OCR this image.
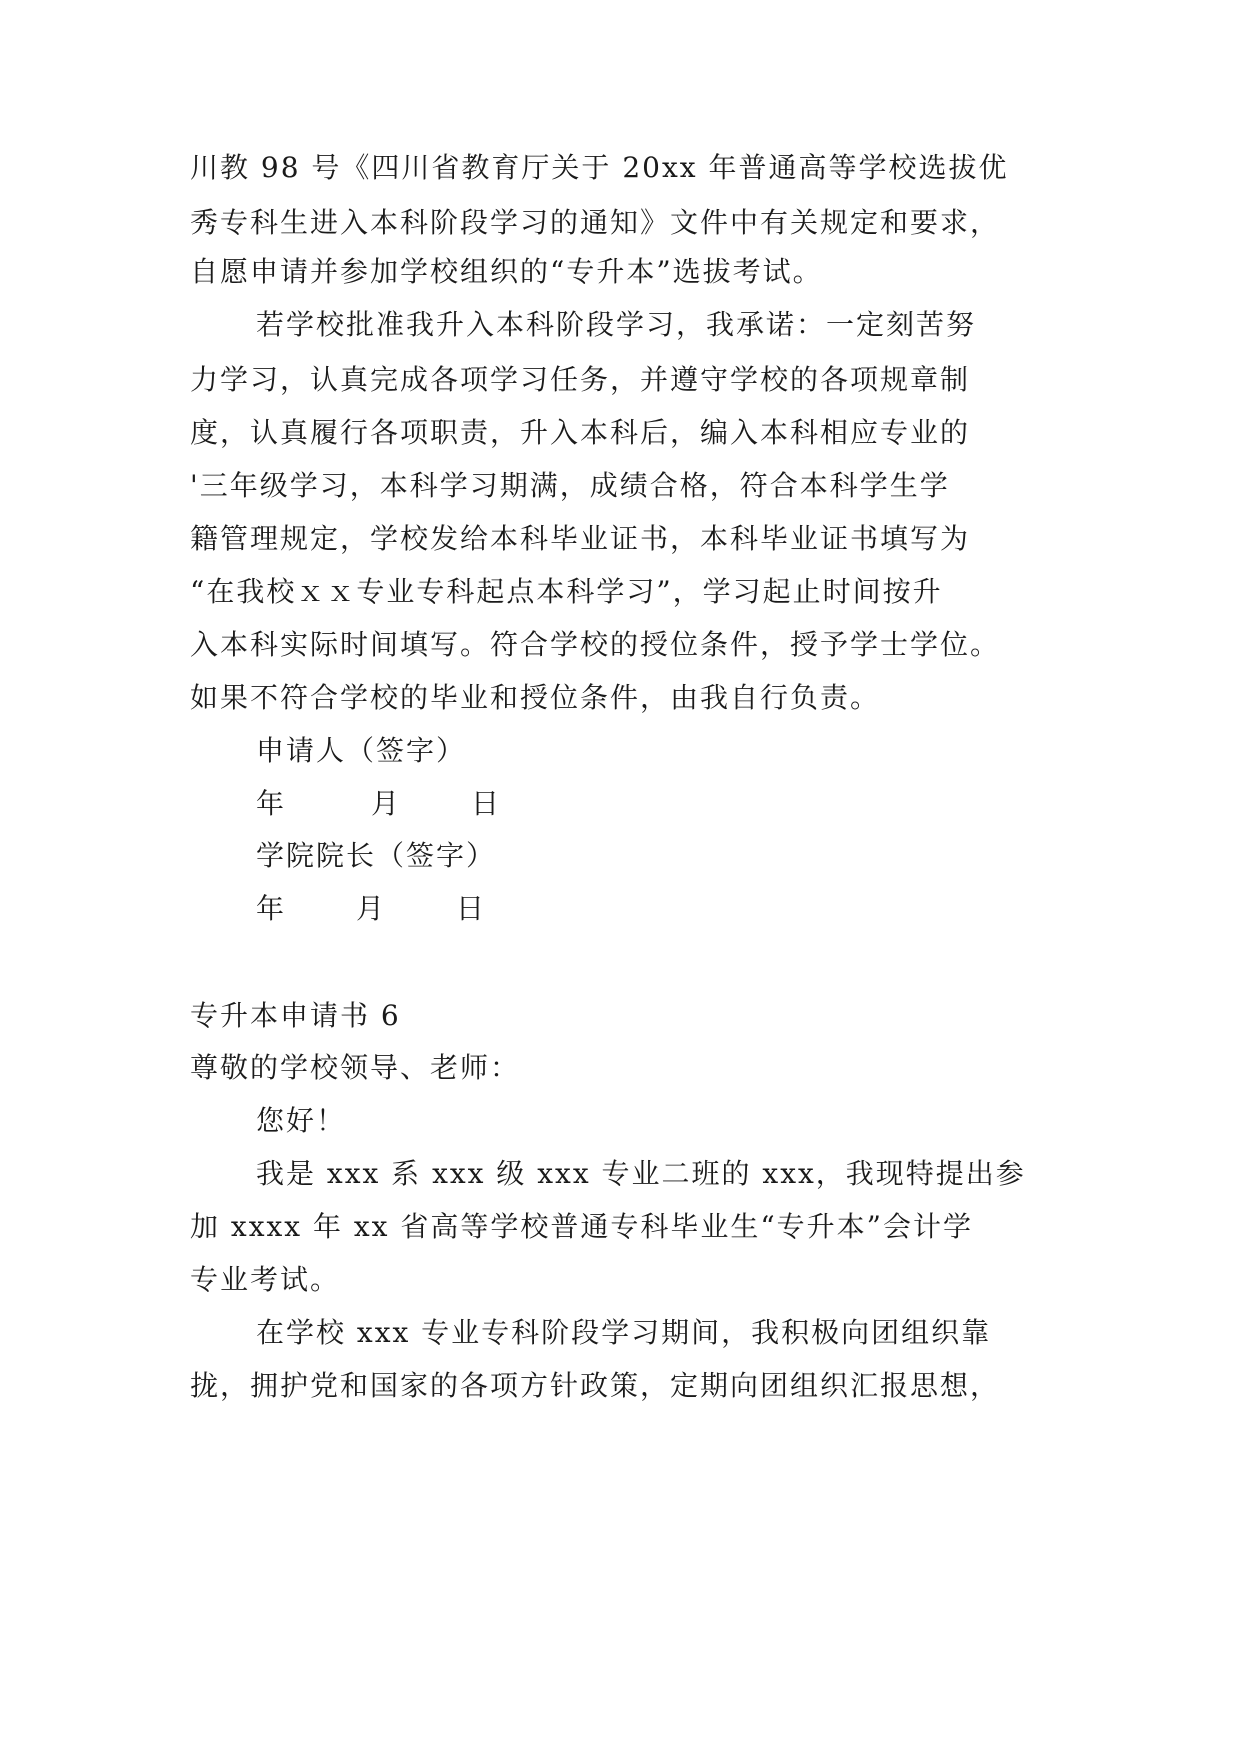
川教 98 号《四川省教育厅关于 20xx 年普通高等学校选拔优
秀专科生进入本科阶段学习的通知》文件中有关规定和要求，
自愿申请并参加学校组织的“专升本”选拔考试。
若学校批准我升入本科阶段学习，我承诺：一定刻苦努
力学习，认真完成各项学习任务，并遵守学校的各项规章制
度，认真履行各项职责，升入本科后，编入本科相应专业的
'三年级学习，本科学习期满，成绩合格，符合本科学生学
籍管理规定，学校发给本科毕业证书，本科毕业证书填写为
“在我校ｘｘ专业专科起点本科学习”，学习起止时间按升
入本科实际时间填写。符合学校的授位条件，授予学士学位。
如果不符合学校的毕业和授位条件，由我自行负责。
申请人（签字）
年	月	日
学院院长（签字）
年	月	日
专升本申请书 6
尊敬的学校领导、老师：
您好！
我是 xxx 系 xxx 级 xxx 专业二班的 xxx，我现特提出参
加 xxxx 年 xx 省高等学校普通专科毕业生“专升本”会计学
专业考试。
在学校 xxx 专业专科阶段学习期间，我积极向团组织靠
拢，拥护党和国家的各项方针政策，定期向团组织汇报思想，
